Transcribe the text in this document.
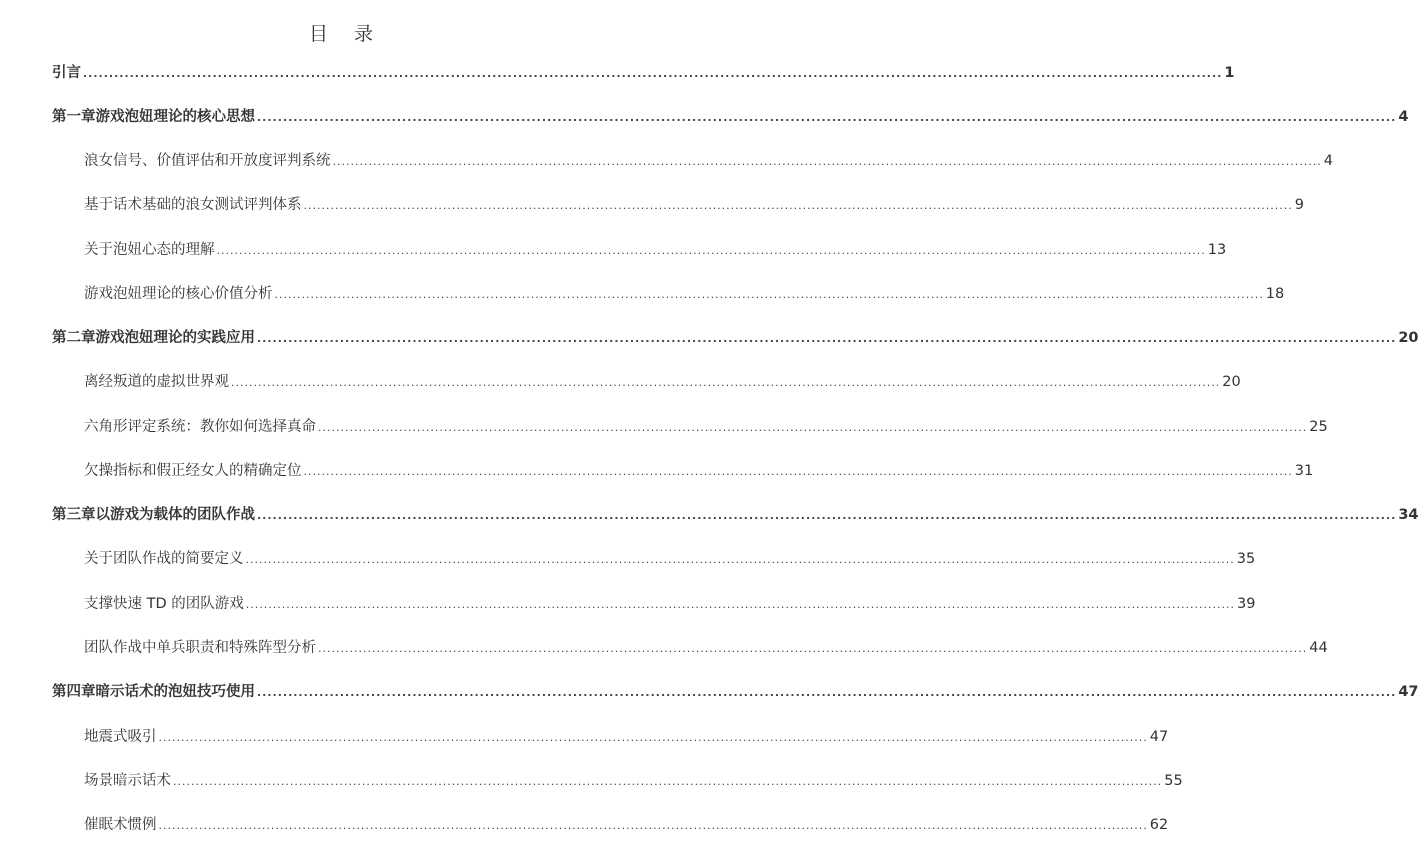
目 录
引言 ............................................................................................................................................................................................................................ 1
第一章 游戏泡妞理论的核心思想 ............................................................................................................................................................................................................................ 4
浪女信号、价值评估和开放度评判系统 ............................................................................................................................................................................................................................ 4
基于话术基础的浪女测试评判体系 ............................................................................................................................................................................................................................ 9
关于泡妞心态的理解 ............................................................................................................................................................................................................................ 13
游戏泡妞理论的核心价值分析 ............................................................................................................................................................................................................................ 18
第二章 游戏泡妞理论的实践应用 ............................................................................................................................................................................................................................ 20
离经叛道的虚拟世界观 ............................................................................................................................................................................................................................ 20
六角形评定系统：教你如何选择真命 ............................................................................................................................................................................................................................ 25
欠操指标和假正经女人的精确定位 ............................................................................................................................................................................................................................ 31
第三章 以游戏为载体的团队作战 ............................................................................................................................................................................................................................ 34
关于团队作战的简要定义 ............................................................................................................................................................................................................................ 35
支撑快速 TD 的团队游戏 ............................................................................................................................................................................................................................ 39
团队作战中单兵职责和特殊阵型分析 ............................................................................................................................................................................................................................ 44
第四章 暗示话术的泡妞技巧使用 ............................................................................................................................................................................................................................ 47
地震式吸引 ............................................................................................................................................................................................................................ 47
场景暗示话术 ............................................................................................................................................................................................................................ 55
催眠术惯例 ............................................................................................................................................................................................................................ 62
